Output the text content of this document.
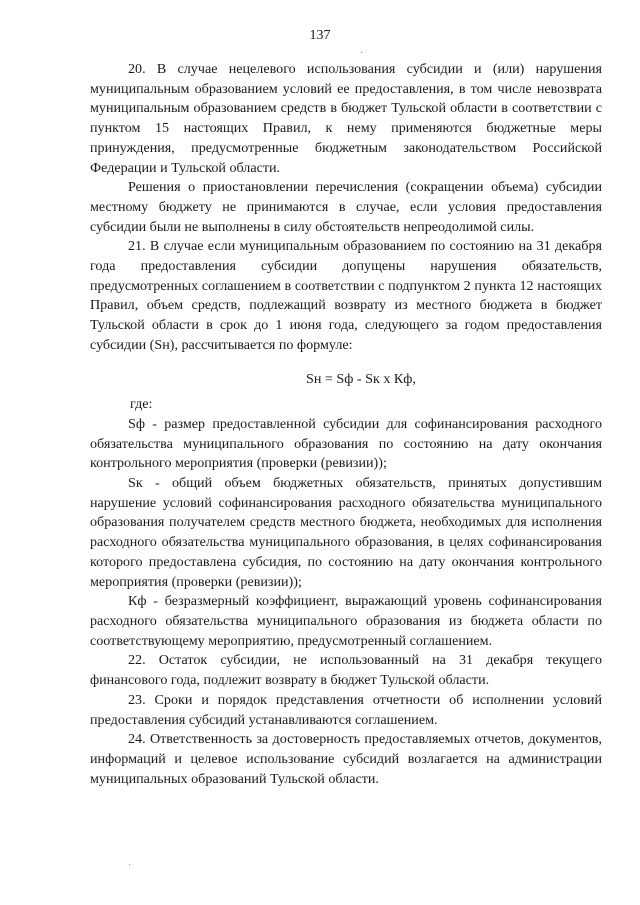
137

20. В случае нецелевого использования субсидии и (или) нарушения муниципальным образованием условий ее предоставления, в том числе невозврата муниципальным образованием средств в бюджет Тульской области в соответствии с пунктом 15 настоящих Правил, к нему применяются бюджетные меры принуждения, предусмотренные бюджетным законодательством Российской Федерации и Тульской области.

Решения о приостановлении перечисления (сокращении объема) субсидии местному бюджету не принимаются в случае, если условия предоставления субсидии были не выполнены в силу обстоятельств непреодолимой силы.

21. В случае если муниципальным образованием по состоянию на 31 декабря года предоставления субсидии допущены нарушения обязательств, предусмотренных соглашением в соответствии с подпунктом 2 пункта 12 настоящих Правил, объем средств, подлежащий возврату из местного бюджета в бюджет Тульской области в срок до 1 июня года, следующего за годом предоставления субсидии (Sн), рассчитывается по формуле:

Sн = Sф - Sк х Кф,

где:

Sф - размер предоставленной субсидии для софинансирования расходного обязательства муниципального образования по состоянию на дату окончания контрольного мероприятия (проверки (ревизии));

Sк - общий объем бюджетных обязательств, принятых допустившим нарушение условий софинансирования расходного обязательства муниципального образования получателем средств местного бюджета, необходимых для исполнения расходного обязательства муниципального образования, в целях софинансирования которого предоставлена субсидия, по состоянию на дату окончания контрольного мероприятия (проверки (ревизии));

Кф - безразмерный коэффициент, выражающий уровень софинансирования расходного обязательства муниципального образования из бюджета области по соответствующему мероприятию, предусмотренный соглашением.

22. Остаток субсидии, не использованный на 31 декабря текущего финансового года, подлежит возврату в бюджет Тульской области.

23. Сроки и порядок представления отчетности об исполнении условий предоставления субсидий устанавливаются соглашением.

24. Ответственность за достоверность предоставляемых отчетов, документов, информаций и целевое использование субсидий возлагается на администрации муниципальных образований Тульской области.

·
·
